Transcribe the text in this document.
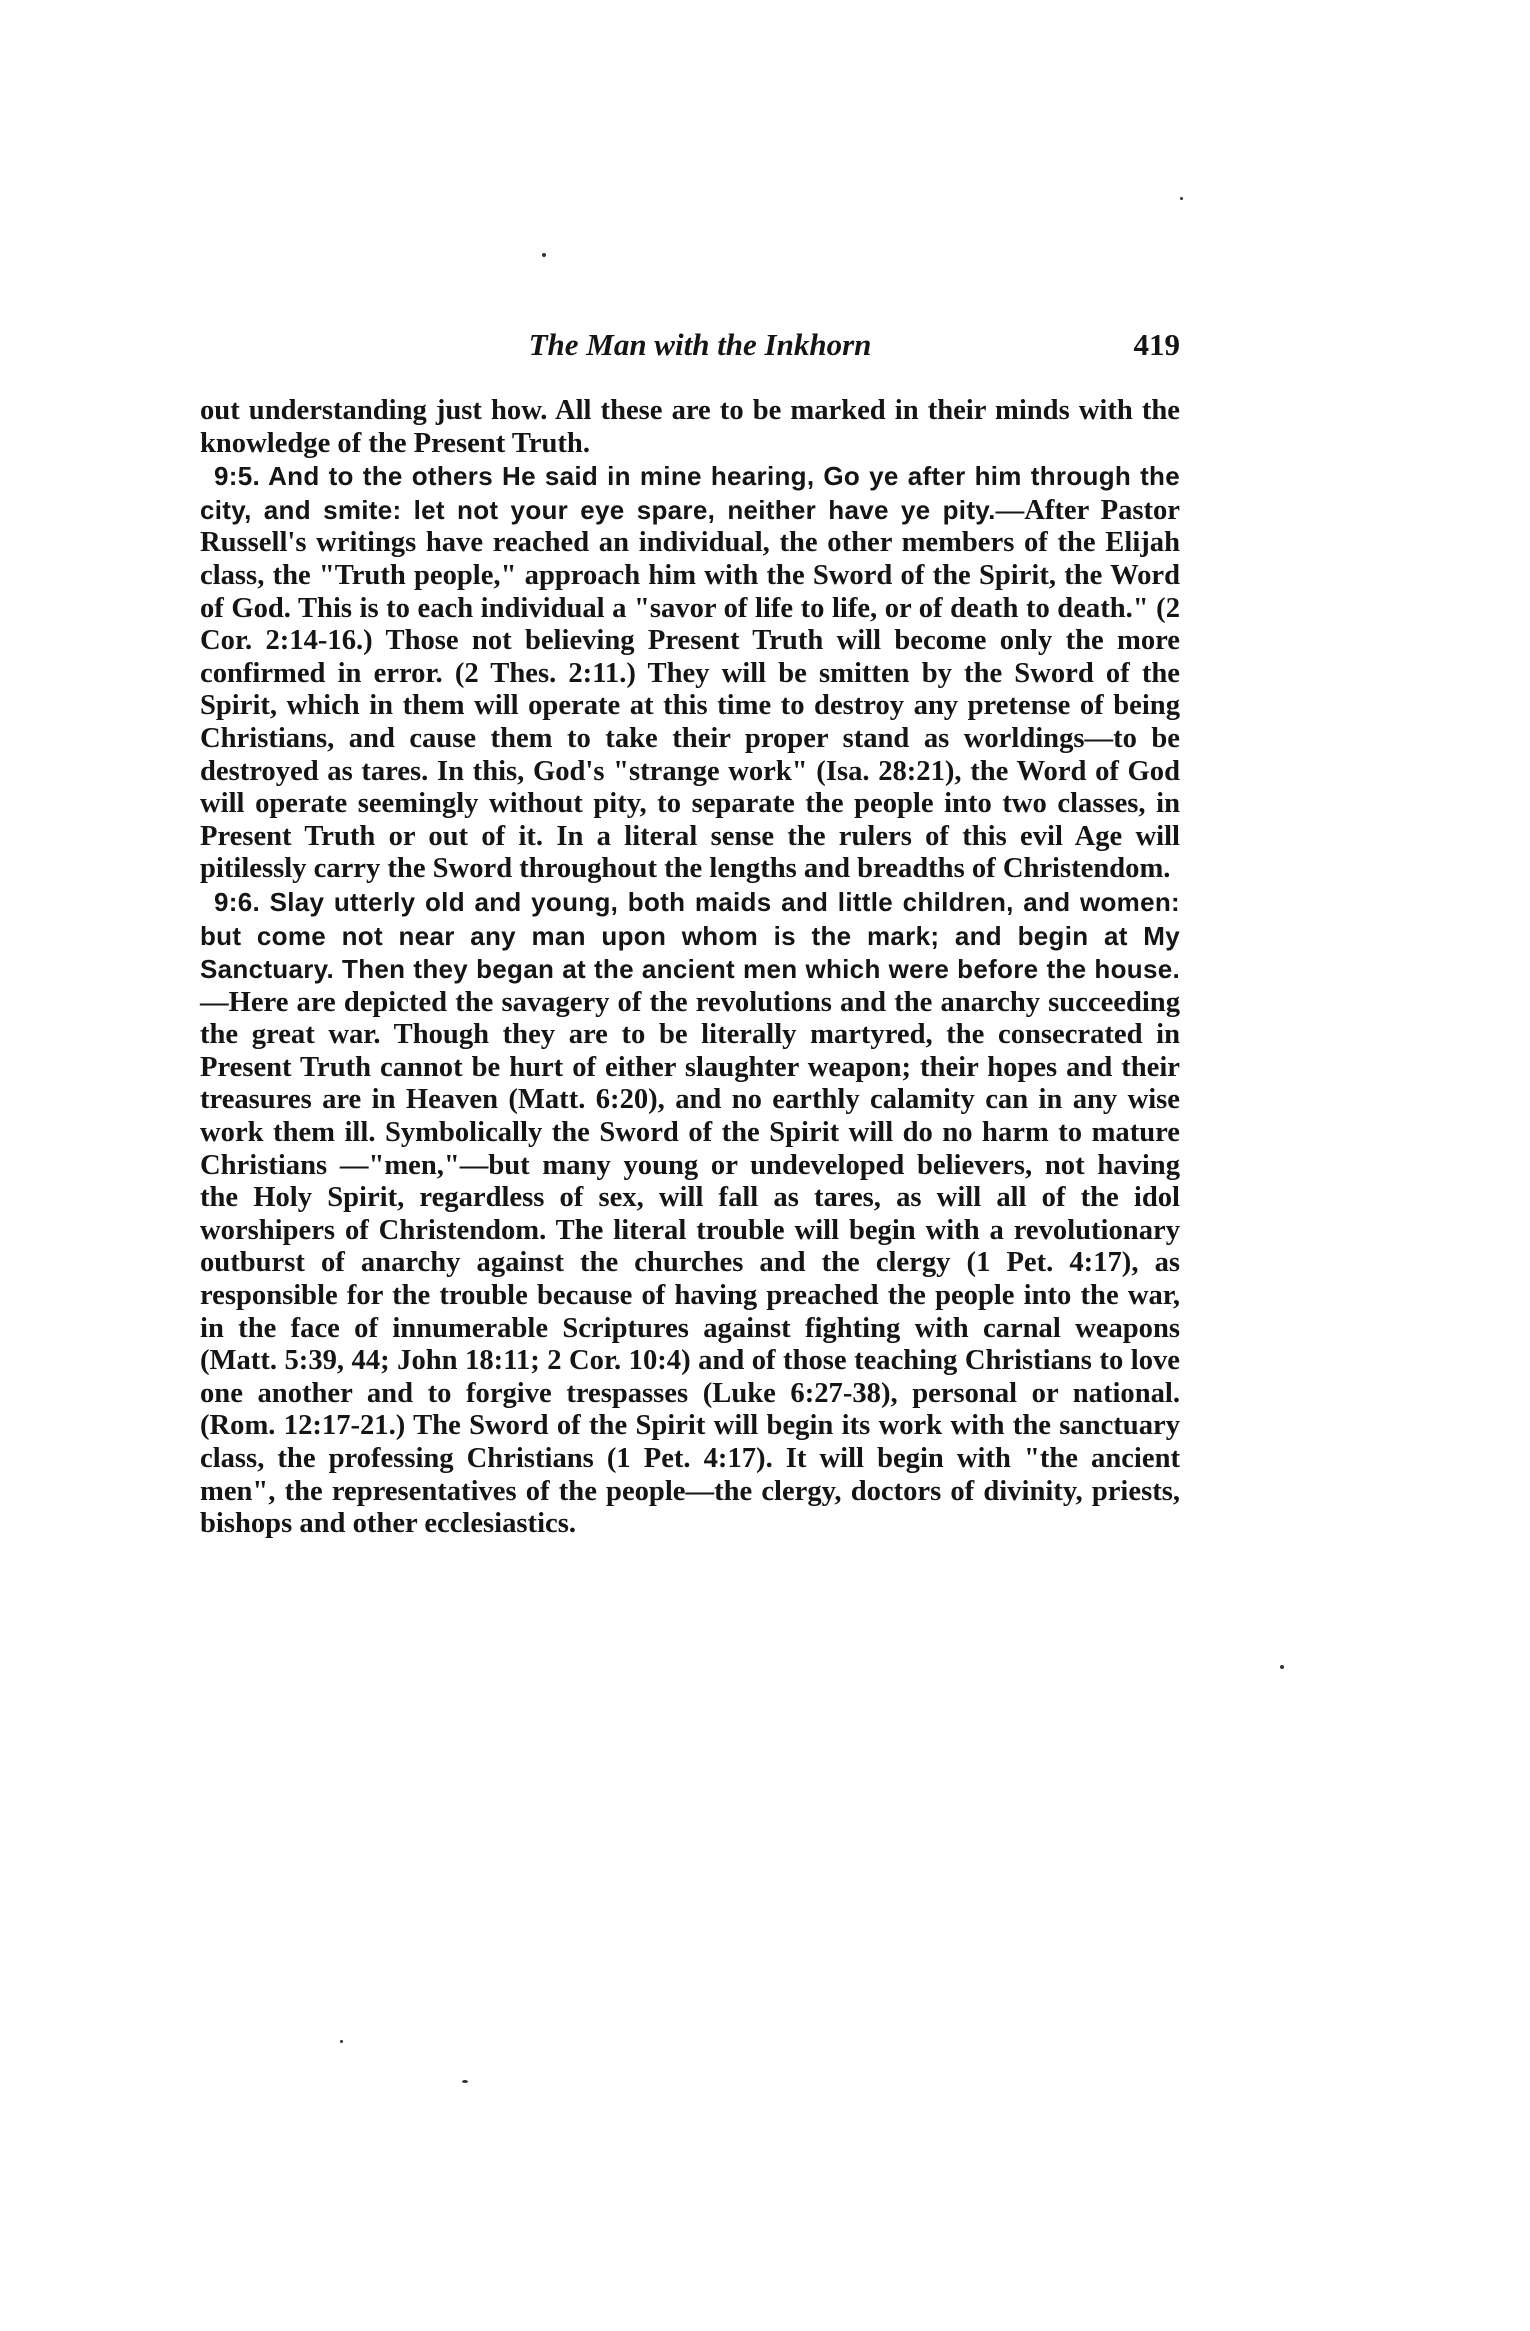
The Man with the Inkhorn	419

out understanding just how. All these are to be marked in their minds with the knowledge of the Present Truth.

9:5. And to the others He said in mine hearing, Go ye after him through the city, and smite: let not your eye spare, neither have ye pity.—After Pastor Russell's writings have reached an individual, the other members of the Elijah class, the "Truth people," approach him with the Sword of the Spirit, the Word of God. This is to each individual a "savor of life to life, or of death to death." (2 Cor. 2:14-16.) Those not believing Present Truth will become only the more confirmed in error. (2 Thes. 2:11.) They will be smitten by the Sword of the Spirit, which in them will operate at this time to destroy any pretense of being Christians, and cause them to take their proper stand as worldings—to be destroyed as tares. In this, God's "strange work" (Isa. 28:21), the Word of God will operate seemingly without pity, to separate the people into two classes, in Present Truth or out of it. In a literal sense the rulers of this evil Age will pitilessly carry the Sword throughout the lengths and breadths of Christendom.

9:6. Slay utterly old and young, both maids and little children, and women: but come not near any man upon whom is the mark; and begin at My Sanctuary. Then they began at the ancient men which were before the house.—Here are depicted the savagery of the revolutions and the anarchy succeeding the great war. Though they are to be literally martyred, the consecrated in Present Truth cannot be hurt of either slaughter weapon; their hopes and their treasures are in Heaven (Matt. 6:20), and no earthly calamity can in any wise work them ill. Symbolically the Sword of the Spirit will do no harm to mature Christians —"men,"—but many young or undeveloped believers, not having the Holy Spirit, regardless of sex, will fall as tares, as will all of the idol worshipers of Christendom. The literal trouble will begin with a revolutionary outburst of anarchy against the churches and the clergy (1 Pet. 4:17), as responsible for the trouble because of having preached the people into the war, in the face of innumerable Scriptures against fighting with carnal weapons (Matt. 5:39, 44; John 18:11; 2 Cor. 10:4) and of those teaching Christians to love one another and to forgive trespasses (Luke 6:27-38), personal or national. (Rom. 12:17-21.) The Sword of the Spirit will begin its work with the sanctuary class, the professing Christians (1 Pet. 4:17). It will begin with "the ancient men", the representatives of the people—the clergy, doctors of divinity, priests, bishops and other ecclesiastics.
